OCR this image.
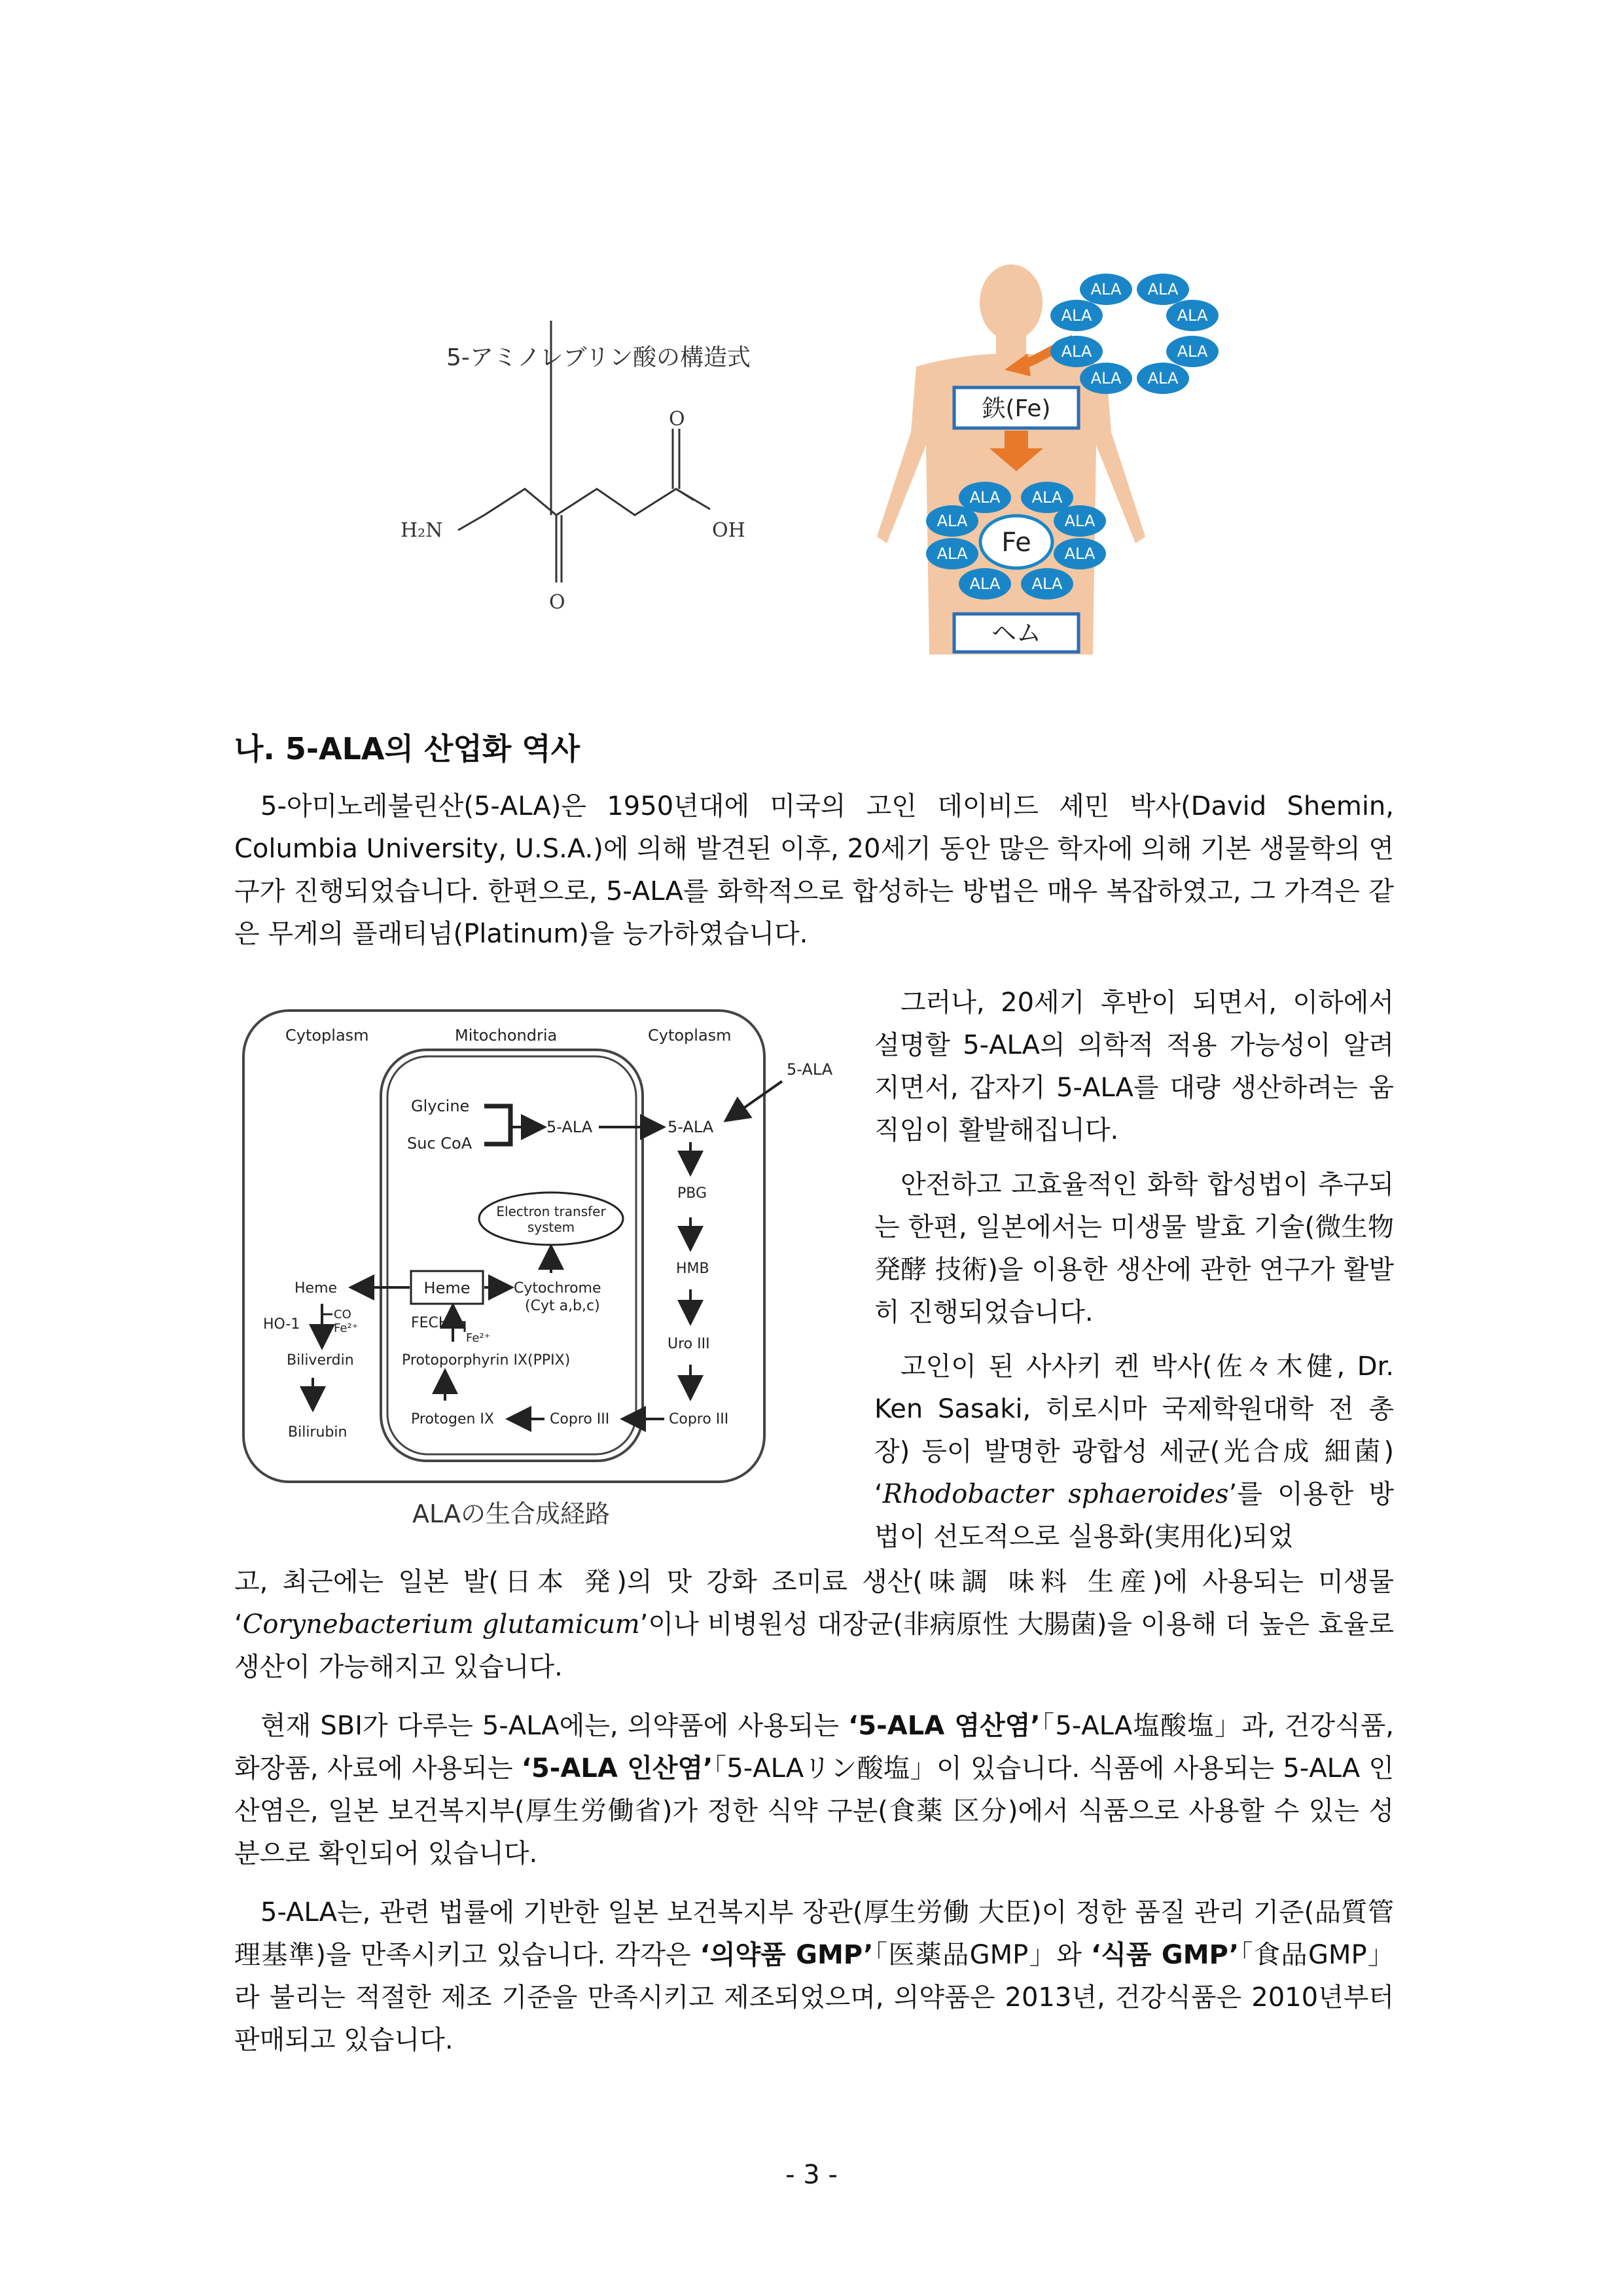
5-アミノレブリン酸の構造式
H₂N
O
O
OH
鉄(Fe)
ヘム
Fe
ALA ALA
ALA	ALA
ALA	ALA
ALA ALA
ALA ALA
ALA	ALA
ALA	ALA
ALA ALA
나. 5-ALA의 산업화 역사

5-아미노레불린산(5-ALA)은 1950년대에 미국의 고인 데이비드 셰민 박사(David Shemin, Columbia University, U.S.A.)에 의해 발견된 이후, 20세기 동안 많은 학자에 의해 기본 생물학의 연구가 진행되었습니다. 한편으로, 5-ALA를 화학적으로 합성하는 방법은 매우 복잡하였고, 그 가격은 같은 무게의 플래티넘(Platinum)을 능가하였습니다.

Cytoplasm	Mitochondria	Cytoplasm
5-ALA
Glycine
Suc CoA
5-ALA	5-ALA
PBG
HMB
Uro III
Copro III
Copro III
Protogen IX
Protoporphyrin IX(PPIX)
FECH
Fe²⁺
Heme	Cytochrome
(Cyt a,b,c)
Electron transfer
system
Heme
HO-1
CO
Fe²⁺
Biliverdin
Bilirubin
ALAの生合成経路

그러나, 20세기 후반이 되면서, 이하에서 설명할 5-ALA의 의학적 적용 가능성이 알려지면서, 갑자기 5-ALA를 대량 생산하려는 움직임이 활발해집니다.

안전하고 고효율적인 화학 합성법이 추구되는 한편, 일본에서는 미생물 발효 기술(微生物 発酵 技術)을 이용한 생산에 관한 연구가 활발히 진행되었습니다.

고인이 된 사사키 켄 박사(佐々木健, Dr. Ken Sasaki, 히로시마 국제학원대학 전 총장) 등이 발명한 광합성 세균(光合成 細菌) ‘Rhodobacter sphaeroides’를 이용한 방법이 선도적으로 실용화(実用化)되었

고, 최근에는 일본 발(日本 発)의 맛 강화 조미료 생산(味調 味料 生産)에 사용되는 미생물 ‘Corynebacterium glutamicum’이나 비병원성 대장균(非病原性 大腸菌)을 이용해 더 높은 효율로 생산이 가능해지고 있습니다.

현재 SBI가 다루는 5-ALA에는, 의약품에 사용되는 ‘5-ALA 염산염’「5-ALA塩酸塩」과, 건강식품, 화장품, 사료에 사용되는 ‘5-ALA 인산염’「5-ALAリン酸塩」이 있습니다. 식품에 사용되는 5-ALA 인산염은, 일본 보건복지부(厚生労働省)가 정한 식약 구분(食薬 区分)에서 식품으로 사용할 수 있는 성분으로 확인되어 있습니다.

5-ALA는, 관련 법률에 기반한 일본 보건복지부 장관(厚生労働 大臣)이 정한 품질 관리 기준(品質管理基準)을 만족시키고 있습니다. 각각은 ‘의약품 GMP’「医薬品GMP」와 ‘식품 GMP’「食品GMP」라 불리는 적절한 제조 기준을 만족시키고 제조되었으며, 의약품은 2013년, 건강식품은 2010년부터 판매되고 있습니다.

- 3 -
